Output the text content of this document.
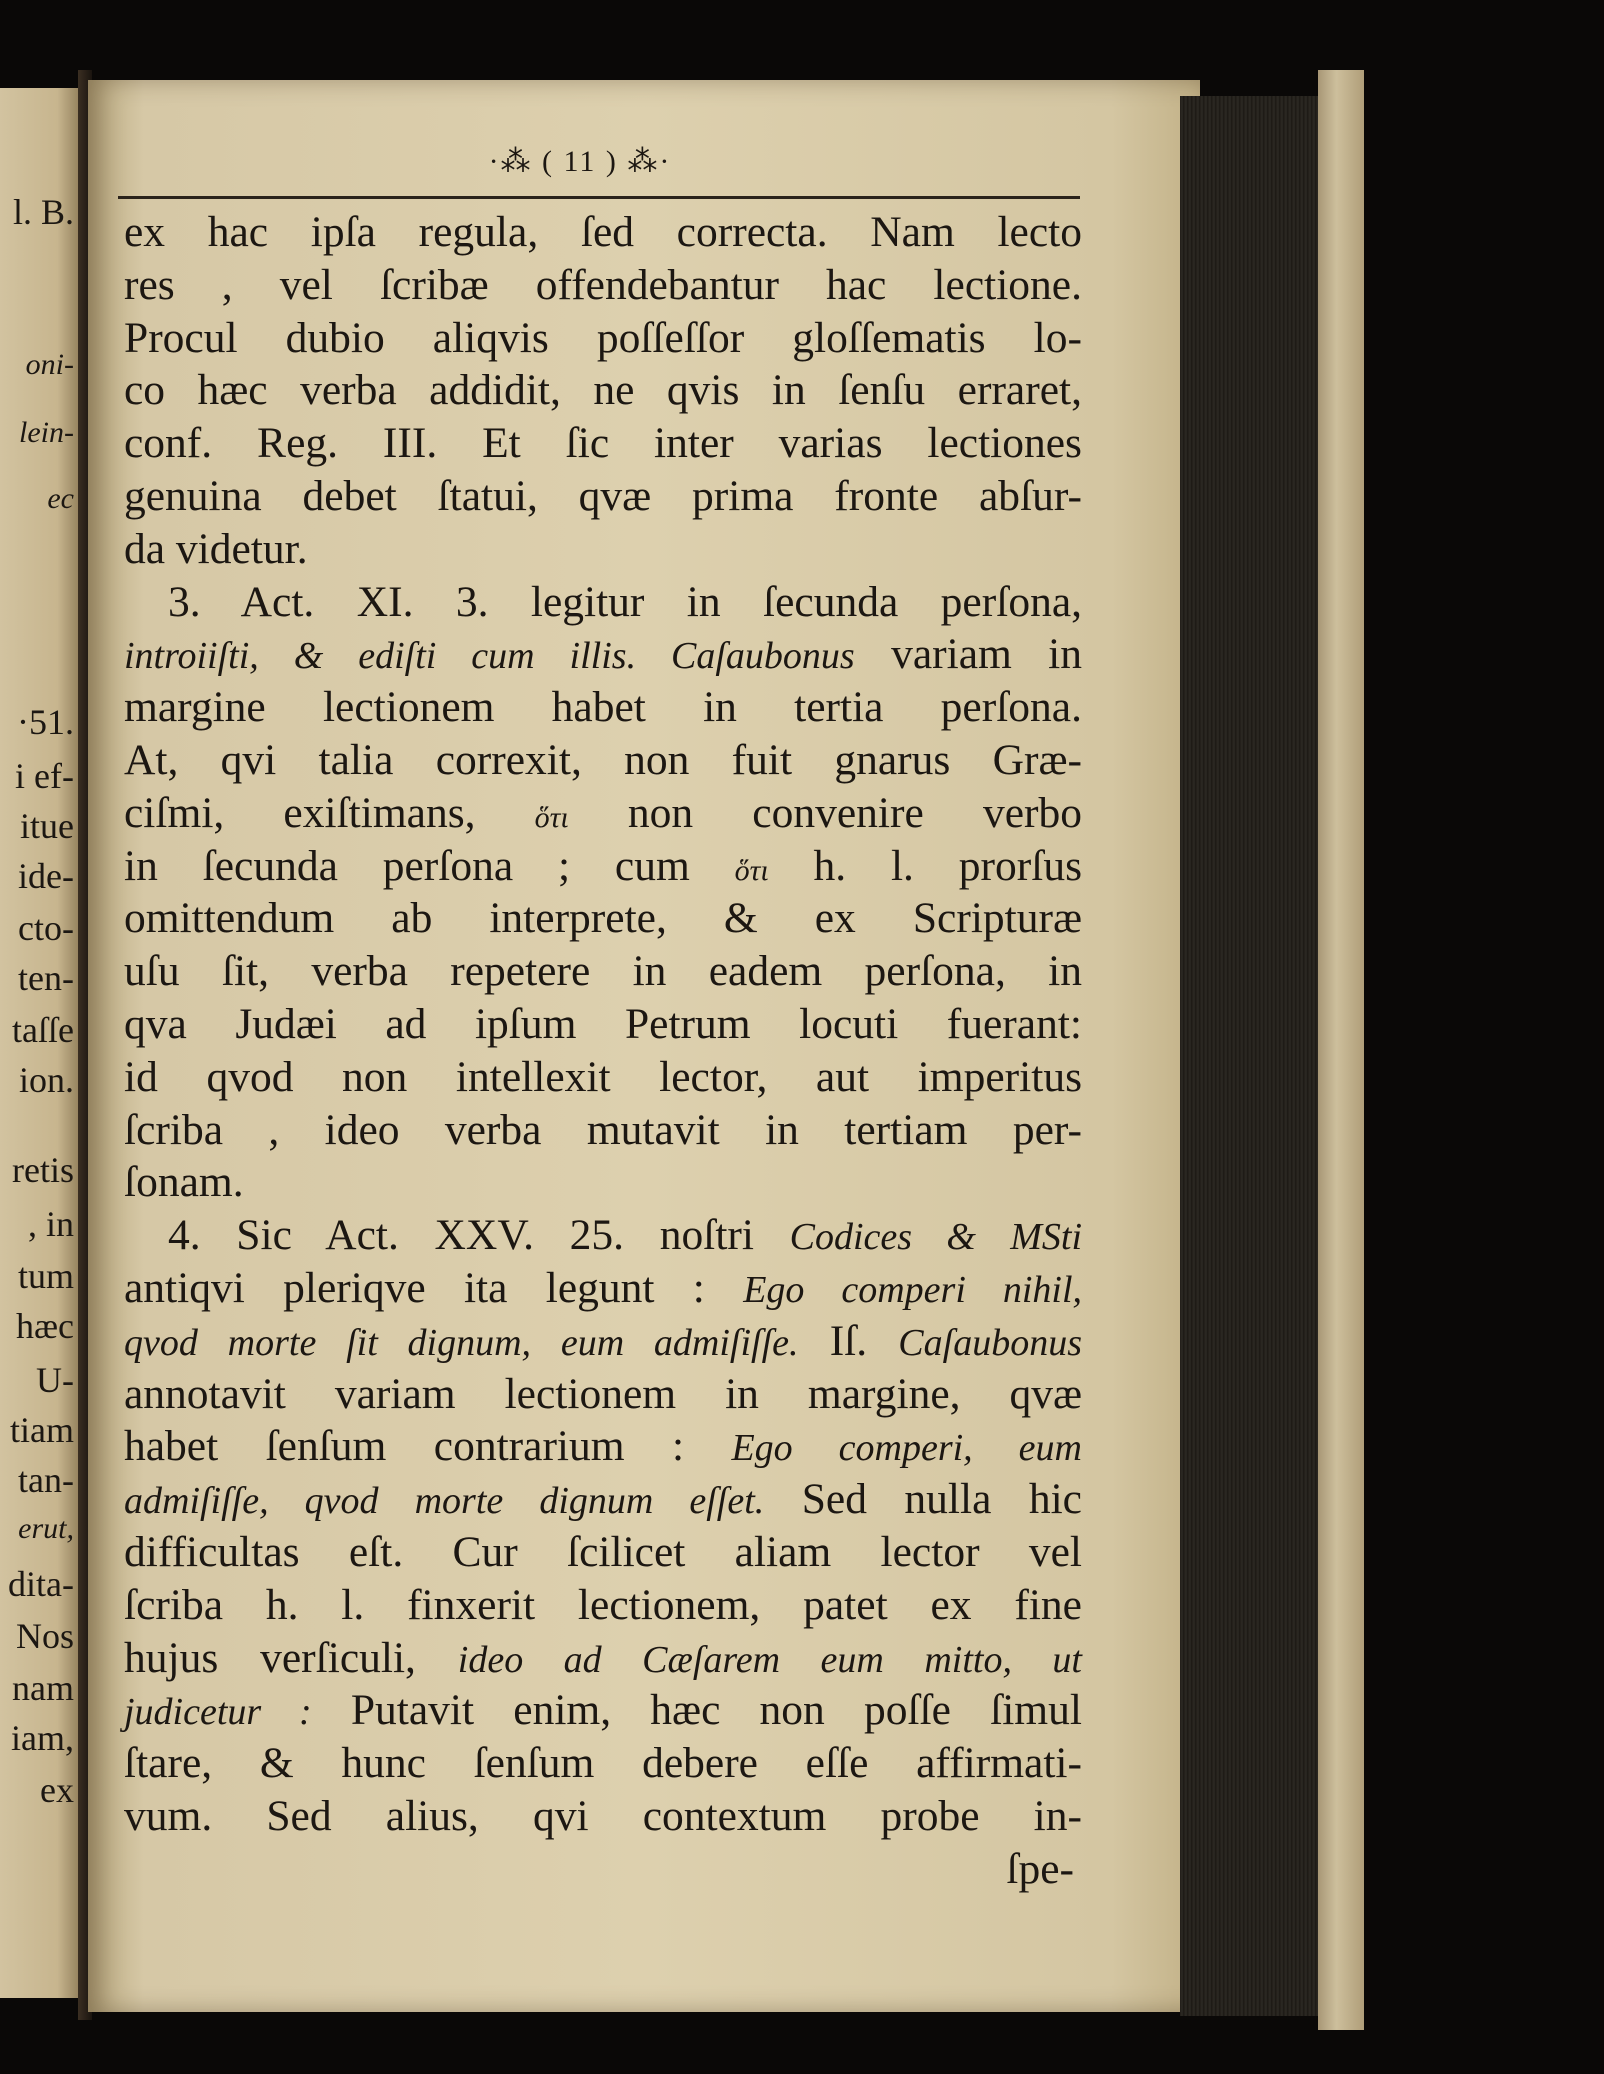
l. B.
oni-
lein-
ec
·51.
i ef-
itue
ide-
cto-
ten-
taſſe
ion.
retis
, in
tum
hæc
U-
tiam
tan-
erut,
dita-
Nos
nam
iam,
ex
·⁂ ( 11 ) ⁂·
ex hac ipſa regula, ſed correcta. Nam lecto
res , vel ſcribæ offendebantur hac lectione.
Procul dubio aliqvis poſſeſſor gloſſematis lo-
co hæc verba addidit, ne qvis in ſenſu erraret,
conf. Reg. III. Et ſic inter varias lectiones
genuina debet ſtatui, qvæ prima fronte abſur-
da videtur.
3. Act. XI. 3. legitur in ſecunda perſona,
introiiſti, & ediſti cum illis. Caſaubonus variam in
margine lectionem habet in tertia perſona.
At, qvi talia correxit, non fuit gnarus Græ-
ciſmi, exiſtimans, ὅτι non convenire verbo
in ſecunda perſona ; cum ὅτι h. l. prorſus
omittendum ab interprete, & ex Scripturæ
uſu ſit, verba repetere in eadem perſona, in
qva Judæi ad ipſum Petrum locuti fuerant:
id qvod non intellexit lector, aut imperitus
ſcriba , ideo verba mutavit in tertiam per-
ſonam.
4. Sic Act. XXV. 25. noſtri Codices & MSti
antiqvi pleriqve ita legunt : Ego comperi nihil,
qvod morte ſit dignum, eum admiſiſſe. Iſ. Caſaubonus
annotavit variam lectionem in margine, qvæ
habet ſenſum contrarium : Ego comperi, eum
admiſiſſe, qvod morte dignum eſſet. Sed nulla hic
difficultas eſt. Cur ſcilicet aliam lector vel
ſcriba h. l. finxerit lectionem, patet ex fine
hujus verſiculi, ideo ad Cæſarem eum mitto, ut
judicetur : Putavit enim, hæc non poſſe ſimul
ſtare, & hunc ſenſum debere eſſe affirmati-
vum. Sed alius, qvi contextum probe in-
ſpe-
